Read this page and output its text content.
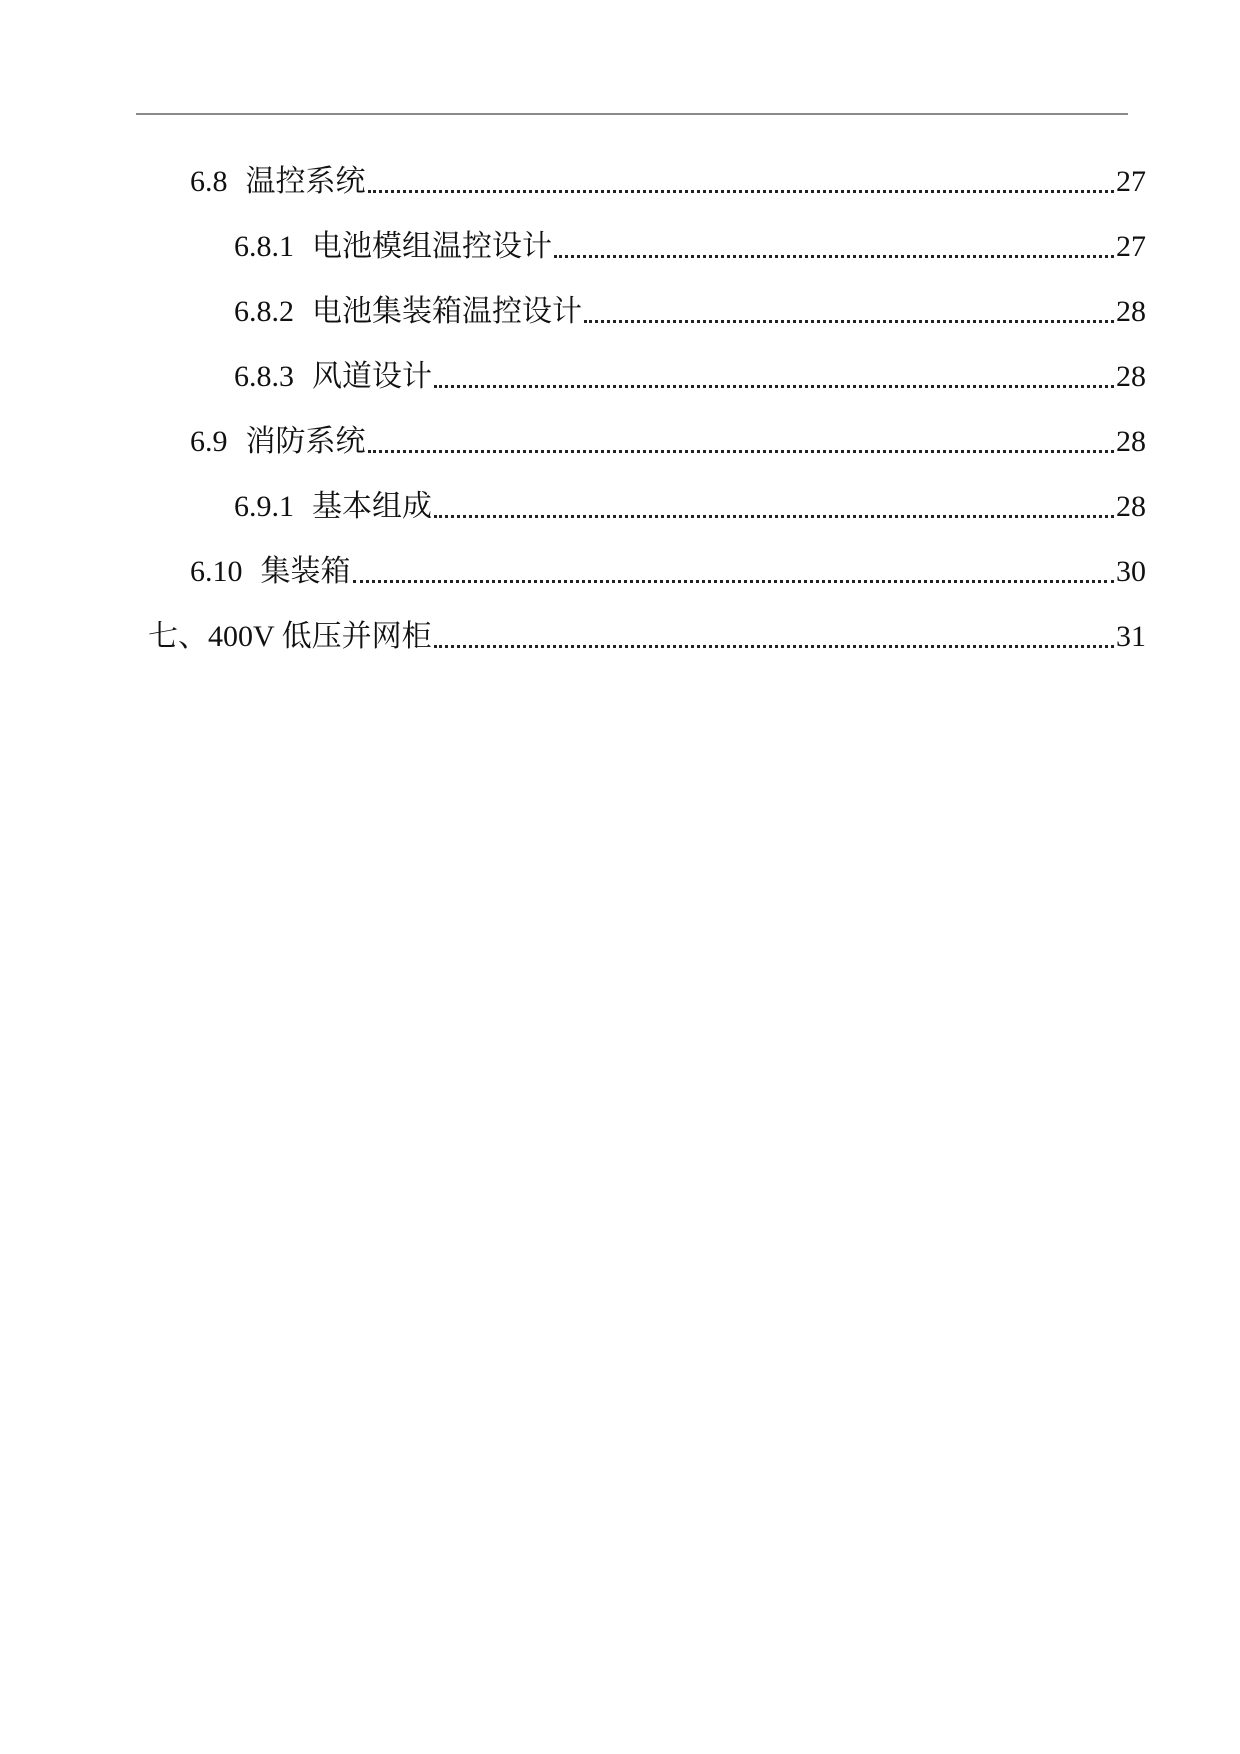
6.8 温控系统	27
6.8.1 电池模组温控设计	27
6.8.2 电池集装箱温控设计	28
6.8.3 风道设计	28
6.9 消防系统	28
6.9.1 基本组成	28
6.10 集装箱	30
七、 400V 低压并网柜	31
